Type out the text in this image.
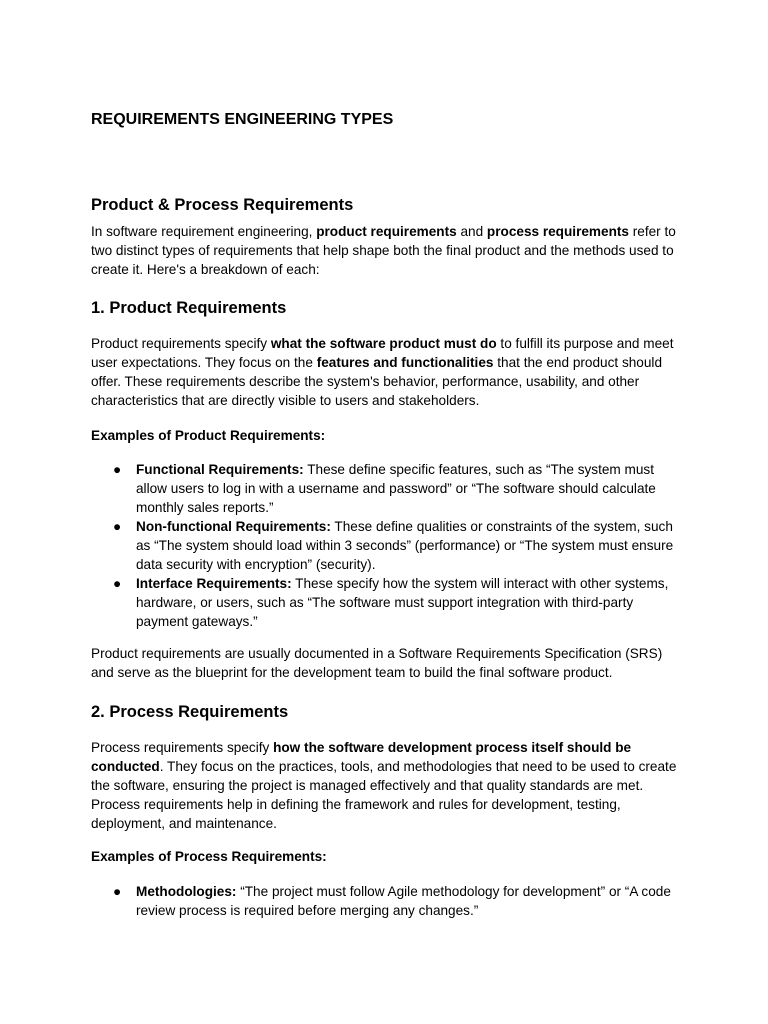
REQUIREMENTS ENGINEERING TYPES
Product & Process Requirements

In software requirement engineering, product requirements and process requirements refer to two distinct types of requirements that help shape both the final product and the methods used to create it. Here's a breakdown of each:

1. Product Requirements

Product requirements specify what the software product must do to fulfill its purpose and meet user expectations. They focus on the features and functionalities that the end product should offer. These requirements describe the system's behavior, performance, usability, and other characteristics that are directly visible to users and stakeholders.

Examples of Product Requirements:
● Functional Requirements: These define specific features, such as “The system must allow users to log in with a username and password” or “The software should calculate monthly sales reports.”
● Non-functional Requirements: These define qualities or constraints of the system, such as “The system should load within 3 seconds” (performance) or “The system must ensure data security with encryption” (security).
● Interface Requirements: These specify how the system will interact with other systems, hardware, or users, such as “The software must support integration with third-party payment gateways.”

Product requirements are usually documented in a Software Requirements Specification (SRS) and serve as the blueprint for the development team to build the final software product.

2. Process Requirements

Process requirements specify how the software development process itself should be conducted. They focus on the practices, tools, and methodologies that need to be used to create the software, ensuring the project is managed effectively and that quality standards are met. Process requirements help in defining the framework and rules for development, testing, deployment, and maintenance.

Examples of Process Requirements:
● Methodologies: “The project must follow Agile methodology for development” or “A code review process is required before merging any changes.”
